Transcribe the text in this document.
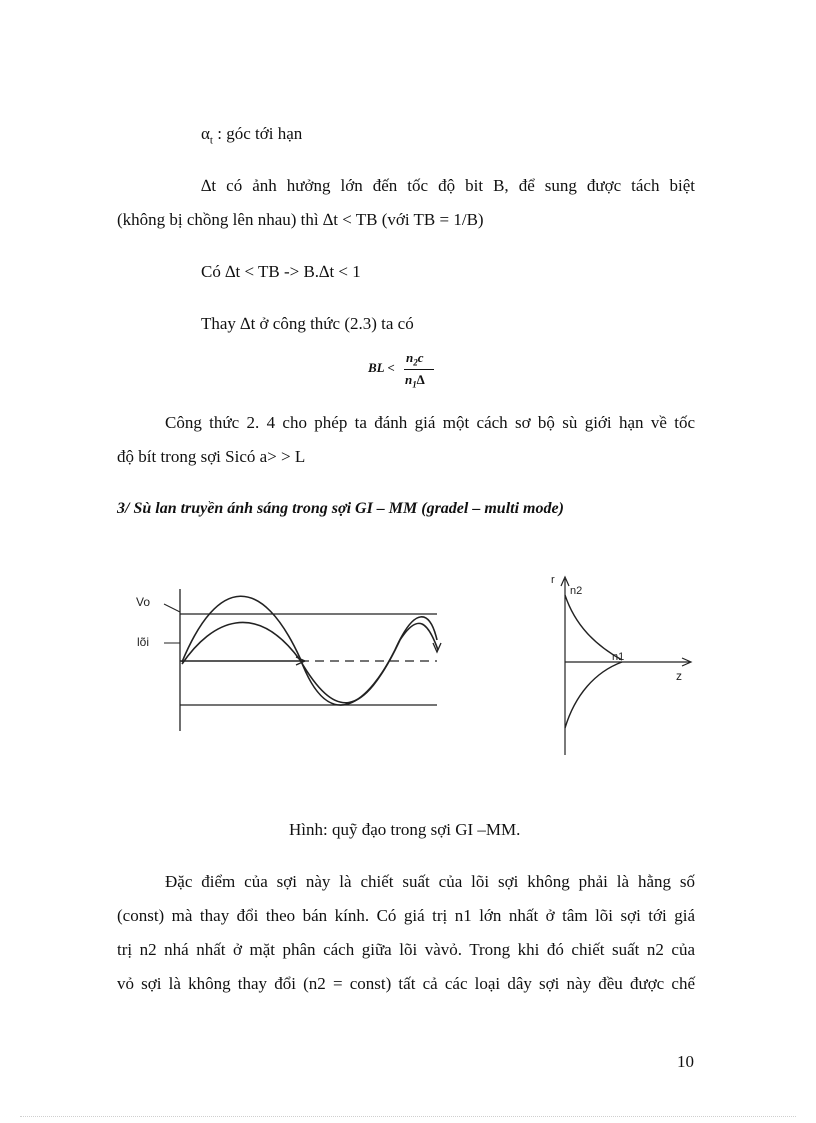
$\alpha_t$ : góc tới hạn
∆t có ảnh hưởng lớn đến tốc độ bit B, để sung được tách biệt
(không bị chồng lên nhau) thì ∆t < TB (với TB = 1/B)
Có ∆t < TB -> B.∆t < 1
Thay ∆t ở công thức (2.3) ta có
BL <
$n_2c$
$n_1\Delta$
Công thức 2. 4 cho phép ta đánh giá một cách sơ bộ sù giới hạn về tốc
độ bít trong sợi Sicó a> > L
3/ Sù lan truyền ánh sáng trong sợi GI – MM (gradel – multi mode)
Vo
lõi
r
n2
n1
z
Hình: quỹ đạo trong sợi GI –MM.
Đặc điểm của sợi này là chiết suất của lõi sợi không phải là hằng số
(const) mà thay đổi theo bán kính. Có giá trị n1 lớn nhất ở tâm lõi sợi tới giá
trị n2 nhá nhất ở mặt phân cách giữa lõi vàvỏ. Trong khi đó chiết suất n2 của
vỏ sợi là không thay đổi (n2 = const) tất cả các loại dây sợi này đều được chế
10
